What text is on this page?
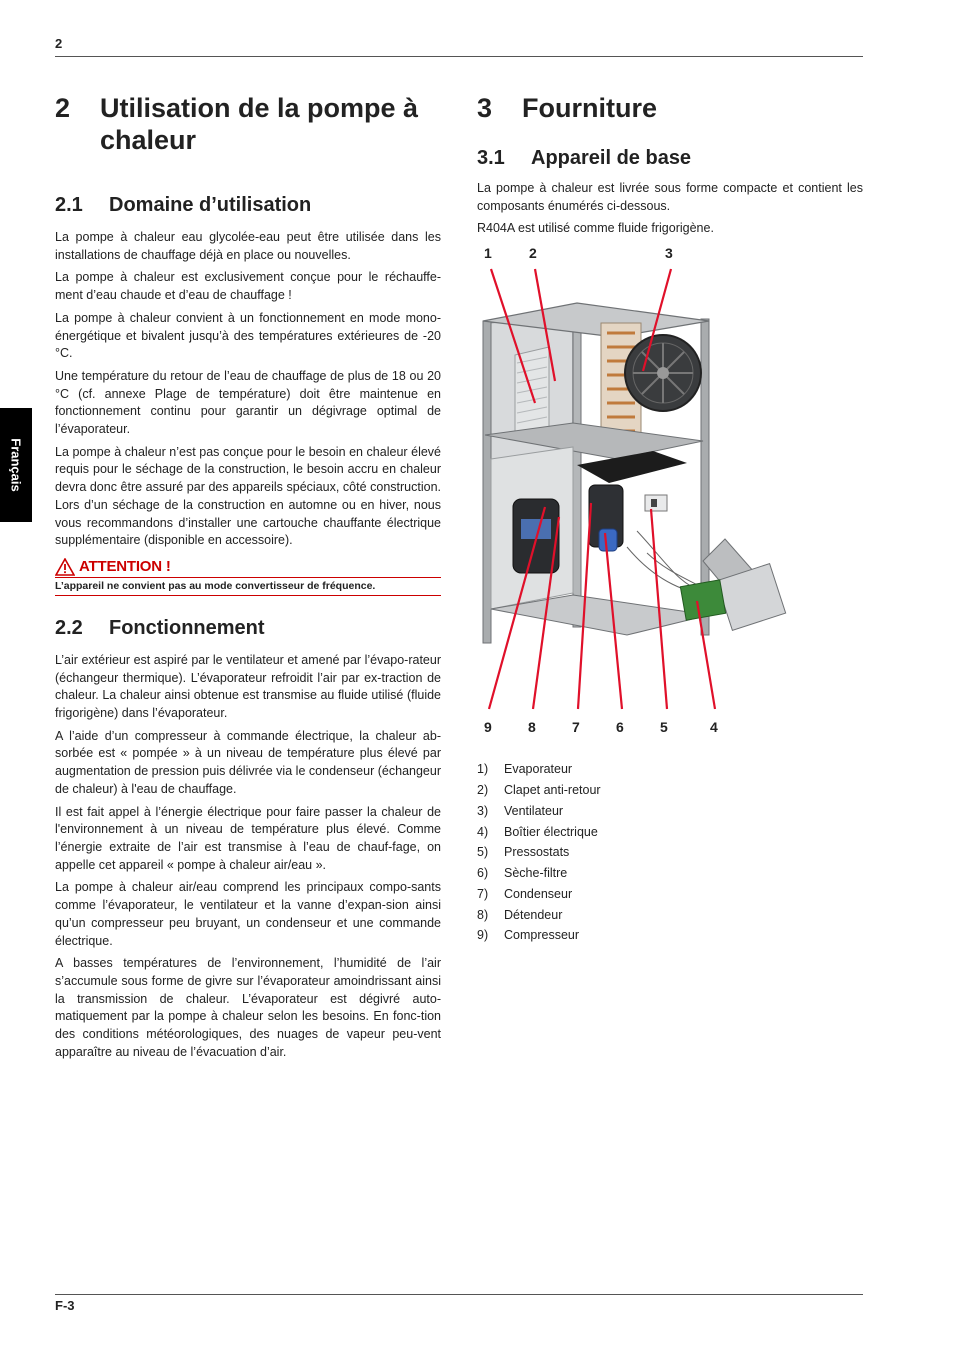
2
Français
2	Utilisation de la pompe à chaleur
2.1	Domaine d’utilisation

La pompe à chaleur eau glycolée-eau peut être utilisée dans les installations de chauffage déjà en place ou nouvelles.

La pompe à chaleur est exclusivement conçue pour le réchauffe-ment d’eau chaude et d’eau de chauffage !

La pompe à chaleur convient à un fonctionnement en mode mono-énergétique et bivalent jusqu’à des températures extérieures de -20 °C.

Une température du retour de l’eau de chauffage de plus de 18 ou 20 °C (cf. annexe Plage de température) doit être maintenue en fonctionnement continu pour garantir un dégivrage optimal de l’évaporateur.

La pompe à chaleur n’est pas conçue pour le besoin en chaleur élevé requis pour le séchage de la construction, le besoin accru en chaleur devra donc être assuré par des appareils spéciaux, côté construction. Lors d’un séchage de la construction en automne ou en hiver, nous vous recommandons d’installer une cartouche chauffante électrique supplémentaire (disponible en accessoire).

ATTENTION !
L’appareil ne convient pas au mode convertisseur de fréquence.
2.2	Fonctionnement

L’air extérieur est aspiré par le ventilateur et amené par l’évapo-rateur (échangeur thermique). L’évaporateur refroidit l’air par ex-traction de chaleur. La chaleur ainsi obtenue est transmise au fluide utilisé (fluide frigorigène) dans l’évaporateur.

A l’aide d’un compresseur à commande électrique, la chaleur ab-sorbée est « pompée » à un niveau de température plus élevé par augmentation de pression puis délivrée via le condenseur (échangeur de chaleur) à l'eau de chauffage.

Il est fait appel à l’énergie électrique pour faire passer la chaleur de l'environnement à un niveau de température plus élevé. Comme l’énergie extraite de l’air est transmise à l’eau de chauf-fage, on appelle cet appareil « pompe à chaleur air/eau ».

La pompe à chaleur air/eau comprend les principaux compo-sants comme l’évaporateur, le ventilateur et la vanne d’expan-sion ainsi qu’un compresseur peu bruyant, un condenseur et une commande électrique.

A basses températures de l’environnement, l’humidité de l’air s’accumule sous forme de givre sur l’évaporateur amoindrissant ainsi la transmission de chaleur. L’évaporateur est dégivré auto-matiquement par la pompe à chaleur selon les besoins. En fonc-tion des conditions météorologiques, des nuages de vapeur peu-vent apparaître au niveau de l’évacuation d’air.

3	Fourniture
3.1	Appareil de base

La pompe à chaleur est livrée sous forme compacte et contient les composants énumérés ci-dessous.

R404A est utilisé comme fluide frigorigène.

1	2	3
9	8	7	6	5	4
1)	Evaporateur
2)	Clapet anti-retour
3)	Ventilateur
4)	Boîtier électrique
5)	Pressostats
6)	Sèche-filtre
7)	Condenseur
8)	Détendeur
9)	Compresseur
F-3
